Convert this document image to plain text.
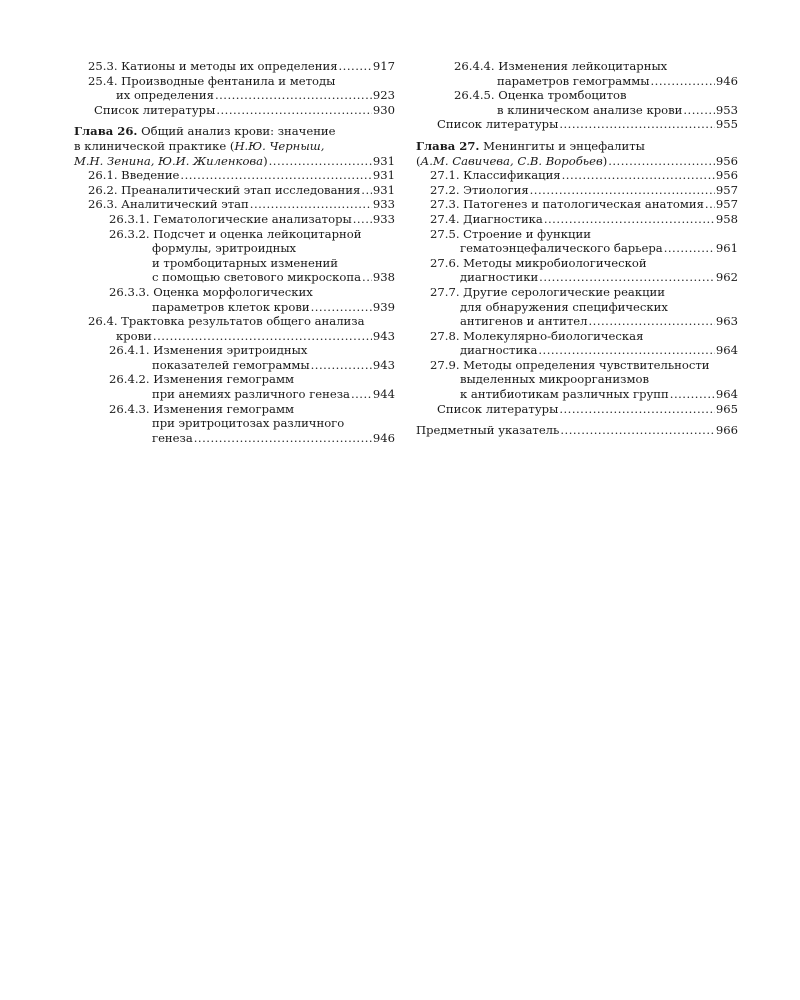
25.3. Катионы и методы их определения . . .	917
25.4. Производные фентанила и методы
их определения . . .	923
Список литературы . . .	930
Глава 26. Общий анализ крови: значение
в клинической практике (Н.Ю. Черныш,
М.Н. Зенина, Ю.И. Жиленкова) . . .	931
26.1. Введение . . .	931
26.2. Преаналитический этап исследования . . . 931
26.3. Аналитический этап . . .	933
26.3.1. Гематологические анализаторы . . . 933
26.3.2. Подсчет и оценка лейкоцитарной
формулы, эритроидных
и тромбоцитарных изменений
с помощью светового микроскопа . . . 938
26.3.3. Оценка морфологических
параметров клеток крови . . .	939
26.4. Трактовка результатов общего анализа
крови . . .	943
26.4.1. Изменения эритроидных
показателей гемограммы . . .	943
26.4.2. Изменения гемограмм
при анемиях различного генеза . . . 944
26.4.3. Изменения гемограмм
при эритроцитозах различного
генеза . . .	946
26.4.4. Изменения лейкоцитарных
параметров гемограммы . . .	946
26.4.5. Оценка тромбоцитов
в клиническом анализе крови . . .	953
Список литературы . . .	955
Глава 27. Менингиты и энцефалиты
(А.М. Савичева, С.В. Воробьев) . . .	956
27.1. Классификация . . .	956
27.2. Этиология . . .	957
27.3. Патогенез и патологическая анатомия . . . 957
27.4. Диагностика . . .	958
27.5. Строение и функции
гематоэнцефалического барьера . . .	961
27.6. Методы микробиологической
диагностики . . .	962
27.7. Другие серологические реакции
для обнаружения специфических
антигенов и антител . . .	963
27.8. Молекулярно-биологическая
диагностика . . .	964
27.9. Методы определения чувствительности
выделенных микроорганизмов
к антибиотикам различных групп . . .	964
Список литературы . . .	965
Предметный указатель . . .	966
